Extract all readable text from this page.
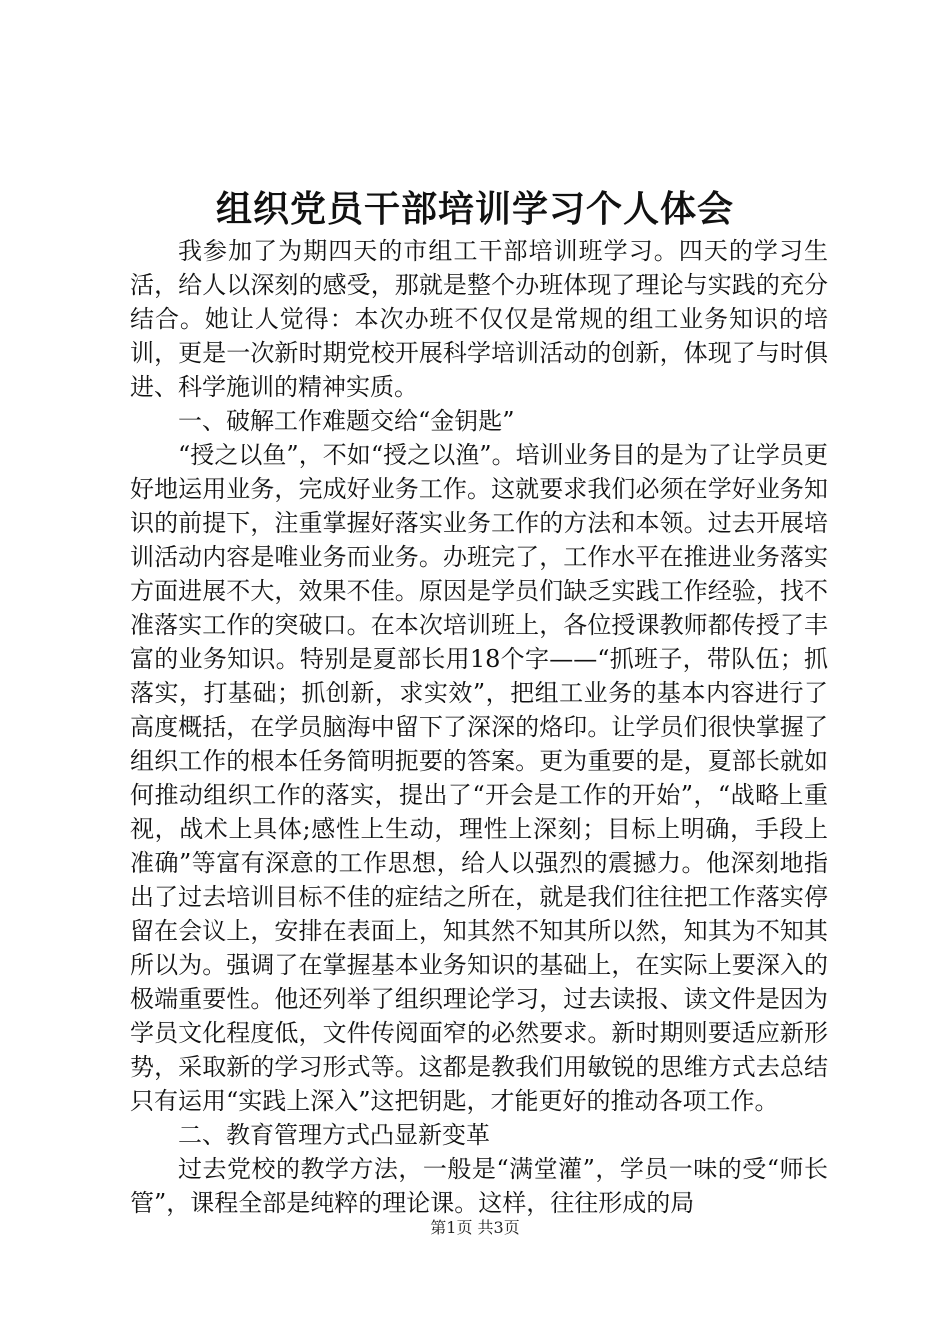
组织党员干部培训学习个人体会

我参加了为期四天的市组工干部培训班学习。四天的学习生活，给人以深刻的感受，那就是整个办班体现了理论与实践的充分结合。她让人觉得：本次办班不仅仅是常规的组工业务知识的培训，更是一次新时期党校开展科学培训活动的创新，体现了与时俱进、科学施训的精神实质。

一、破解工作难题交给“金钥匙”

“授之以鱼”，不如“授之以渔”。培训业务目的是为了让学员更好地运用业务，完成好业务工作。这就要求我们必须在学好业务知识的前提下，注重掌握好落实业务工作的方法和本领。过去开展培训活动内容是唯业务而业务。办班完了，工作水平在推进业务落实方面进展不大，效果不佳。原因是学员们缺乏实践工作经验，找不准落实工作的突破口。在本次培训班上，各位授课教师都传授了丰富的业务知识。特别是夏部长用18个字——“抓班子，带队伍；抓落实，打基础；抓创新，求实效”，把组工业务的基本内容进行了高度概括，在学员脑海中留下了深深的烙印。让学员们很快掌握了组织工作的根本任务简明扼要的答案。更为重要的是，夏部长就如何推动组织工作的落实，提出了“开会是工作的开始”，“战略上重视，战术上具体;感性上生动，理性上深刻；目标上明确，手段上准确”等富有深意的工作思想，给人以强烈的震撼力。他深刻地指出了过去培训目标不佳的症结之所在，就是我们往往把工作落实停留在会议上，安排在表面上，知其然不知其所以然，知其为不知其所以为。强调了在掌握基本业务知识的基础上，在实际上要深入的极端重要性。他还列举了组织理论学习，过去读报、读文件是因为学员文化程度低，文件传阅面窄的必然要求。新时期则要适应新形势，采取新的学习形式等。这都是教我们用敏锐的思维方式去总结只有运用“实践上深入”这把钥匙，才能更好的推动各项工作。

二、教育管理方式凸显新变革

过去党校的教学方法，一般是“满堂灌”，学员一味的受“师长管”，课程全部是纯粹的理论课。这样，往往形成的局

第1页 共3页
